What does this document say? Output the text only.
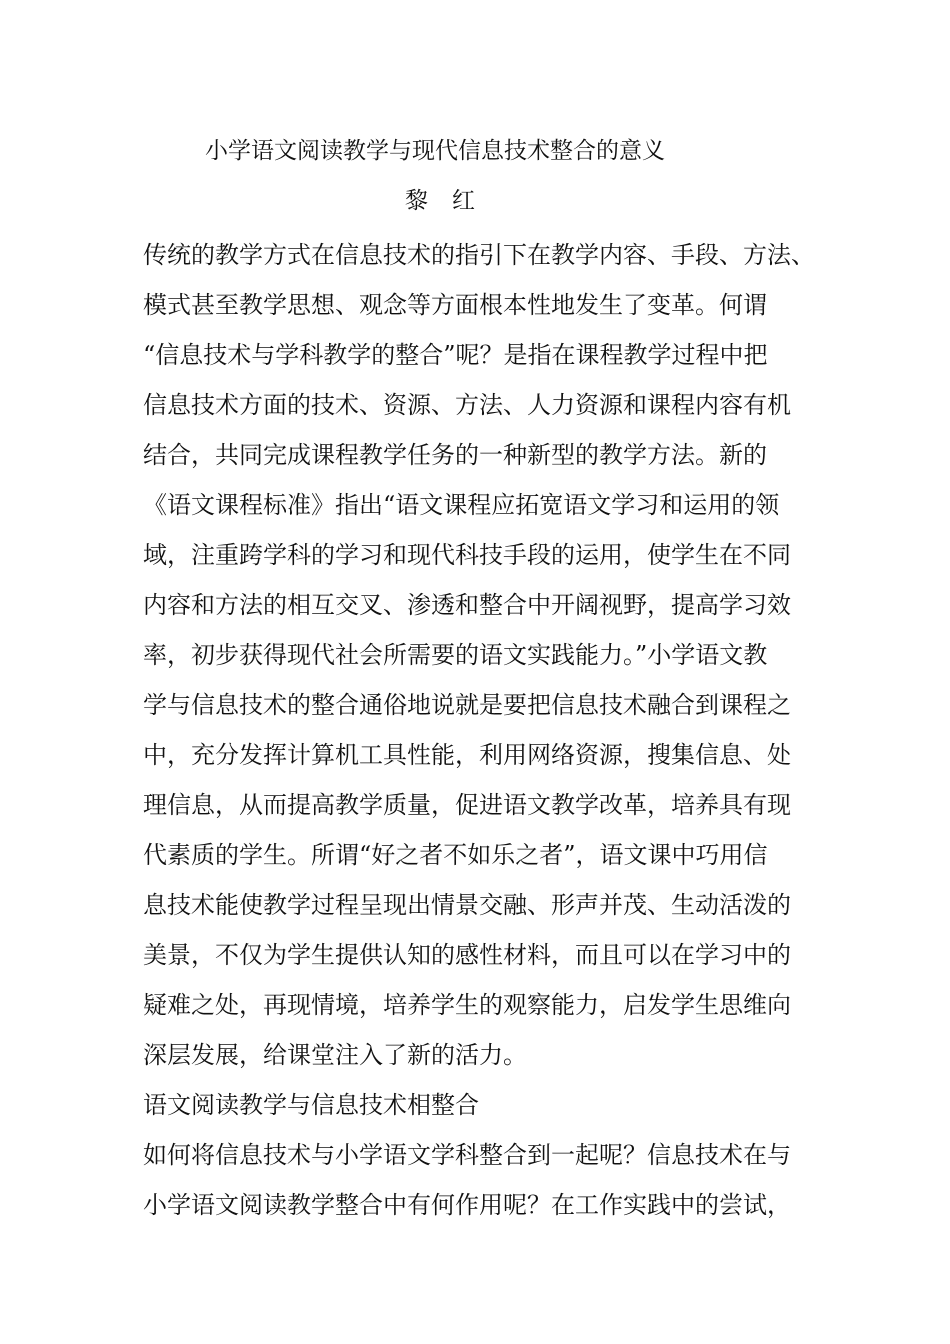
小学语文阅读教学与现代信息技术整合的意义
黎红
传统的教学方式在信息技术的指引下在教学内容、手段、方法、
模式甚至教学思想、观念等方面根本性地发生了变革。何谓
“信息技术与学科教学的整合”呢？是指在课程教学过程中把
信息技术方面的技术、资源、方法、人力资源和课程内容有机
结合，共同完成课程教学任务的一种新型的教学方法。新的
《语文课程标准》指出“语文课程应拓宽语文学习和运用的领
域，注重跨学科的学习和现代科技手段的运用，使学生在不同
内容和方法的相互交叉、渗透和整合中开阔视野，提高学习效
率，初步获得现代社会所需要的语文实践能力。”小学语文教
学与信息技术的整合通俗地说就是要把信息技术融合到课程之
中，充分发挥计算机工具性能，利用网络资源，搜集信息、处
理信息，从而提高教学质量，促进语文教学改革，培养具有现
代素质的学生。所谓“好之者不如乐之者”，语文课中巧用信
息技术能使教学过程呈现出情景交融、形声并茂、生动活泼的
美景，不仅为学生提供认知的感性材料，而且可以在学习中的
疑难之处，再现情境，培养学生的观察能力，启发学生思维向
深层发展，给课堂注入了新的活力。
语文阅读教学与信息技术相整合
如何将信息技术与小学语文学科整合到一起呢？信息技术在与
小学语文阅读教学整合中有何作用呢？在工作实践中的尝试，
